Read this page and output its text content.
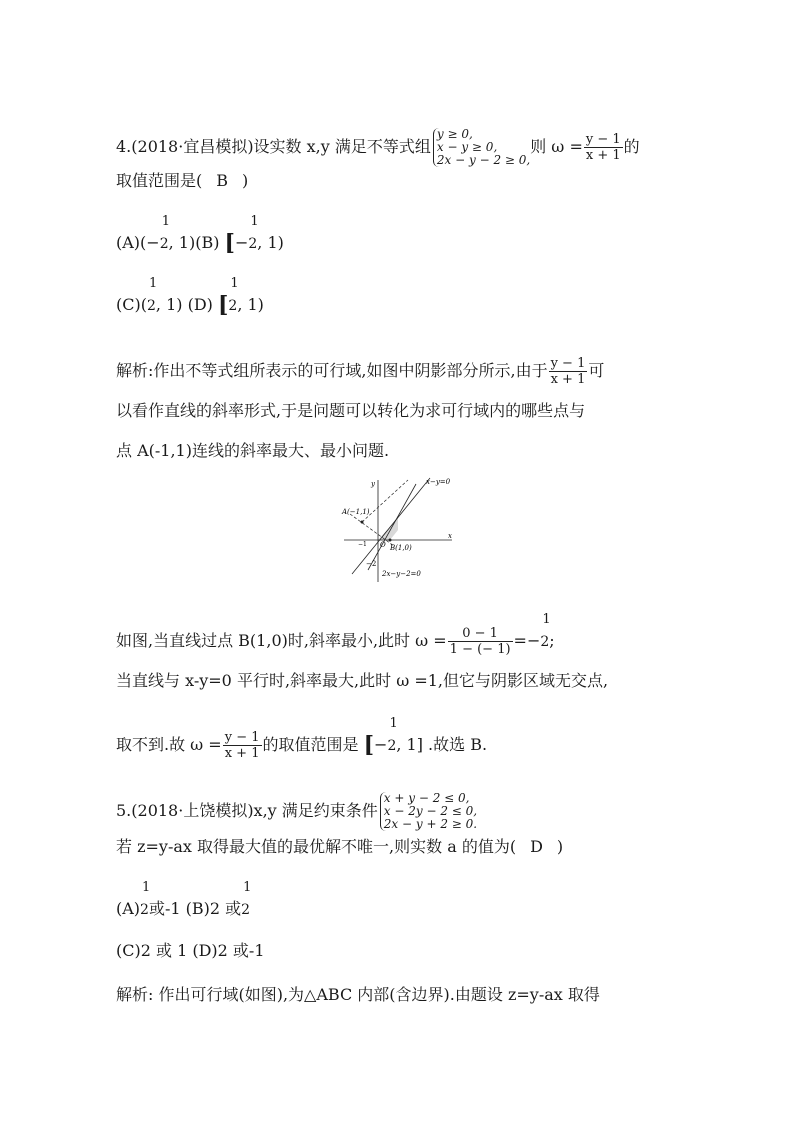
4.(2018·宜昌模拟)设实数 x,y 满足不等式组
y ≥ 0,
x − y ≥ 0,
2x − y − 2 ≥ 0,
则 $\omega = \frac{y - 1}{x + 1}$ 的
取值范围是( B )
(A)(−
1
2, 1)(B) [−
1
2, 1)
(C)(
1
2, 1) (D) [
1
2, 1)
解析:作出不等式组所表示的可行域,如图中阴影部分所示,由于 $\frac{y - 1}{x + 1}$ 可
以看作直线的斜率形式,于是问题可以转化为求可行域内的哪些点与
点 A(-1,1)连线的斜率最大、最小问题.
A(−1,1)
B(1,0)
O
x
y	x−y=0
2x−y−2=0
−2
−1
如图,当直线过点 B(1,0)时,斜率最小,此时 $\omega = \frac{0 - 1}{1 - (- 1)}$ =−
1
2;
当直线与 x-y=0 平行时,斜率最大,此时 ω =1,但它与阴影区域无交点,
取不到.故 $\omega = \frac{y - 1}{x + 1}$ 的取值范围是 [−
1
2, 1] .故选 B.
5.(2018·上饶模拟)x,y 满足约束条件
x + y − 2 ≤ 0,
x − 2y − 2 ≤ 0,
2x − y + 2 ≥ 0.
若 z=y-ax 取得最大值的最优解不唯一,则实数 a 的值为( D )
(A)
1
2或-1 (B)2 或
1
2
(C)2 或 1 (D)2 或-1
解析: 作出可行域(如图),为△ABC 内部(含边界).由题设 z=y-ax 取得
